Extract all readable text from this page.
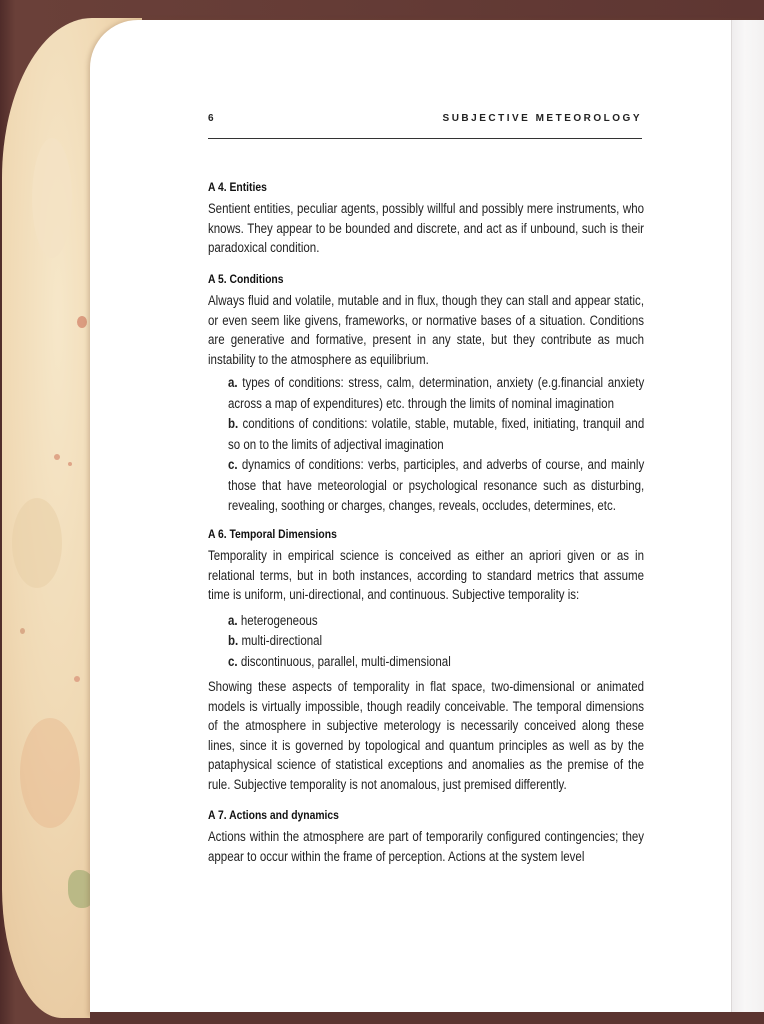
6	SUBJECTIVE METEOROLOGY
A 4. Entities
Sentient entities, peculiar agents, possibly willful and possibly mere instruments, who knows. They appear to be bounded and discrete, and act as if unbound, such is their paradoxical condition.
A 5. Conditions
Always fluid and volatile, mutable and in flux, though they can stall and appear static, or even seem like givens, frameworks, or normative bases of a situation. Conditions are generative and formative, present in any state, but they contribute as much instability to the atmosphere as equilibrium.
a. types of conditions: stress, calm, determination, anxiety (e.g.financial anxiety across a map of expenditures) etc. through the limits of nominal imagination
b. conditions of conditions: volatile, stable, mutable, fixed, initiating, tranquil and so on to the limits of adjectival imagination
c. dynamics of conditions: verbs, participles, and adverbs of course, and mainly those that have meteorologial or psychological resonance such as disturbing, revealing, soothing or charges, changes, reveals, occludes, determines, etc.
A 6. Temporal Dimensions
Temporality in empirical science is conceived as either an apriori given or as in relational terms, but in both instances, according to standard metrics that assume time is uniform, uni-directional, and continuous. Subjective temporality is:
a. heterogeneous
b. multi-directional
c. discontinuous, parallel, multi-dimensional
Showing these aspects of temporality in flat space, two-dimensional or animated models is virtually impossible, though readily conceivable. The temporal dimensions of the atmosphere in subjective meterology is necessarily conceived along these lines, since it is governed by topological and quantum principles as well as by the pataphysical science of statistical exceptions and anomalies as the premise of the rule. Subjective temporality is not anomalous, just premised differently.
A 7. Actions and dynamics
Actions within the atmosphere are part of temporarily configured contingencies; they appear to occur within the frame of perception. Actions at the system level
